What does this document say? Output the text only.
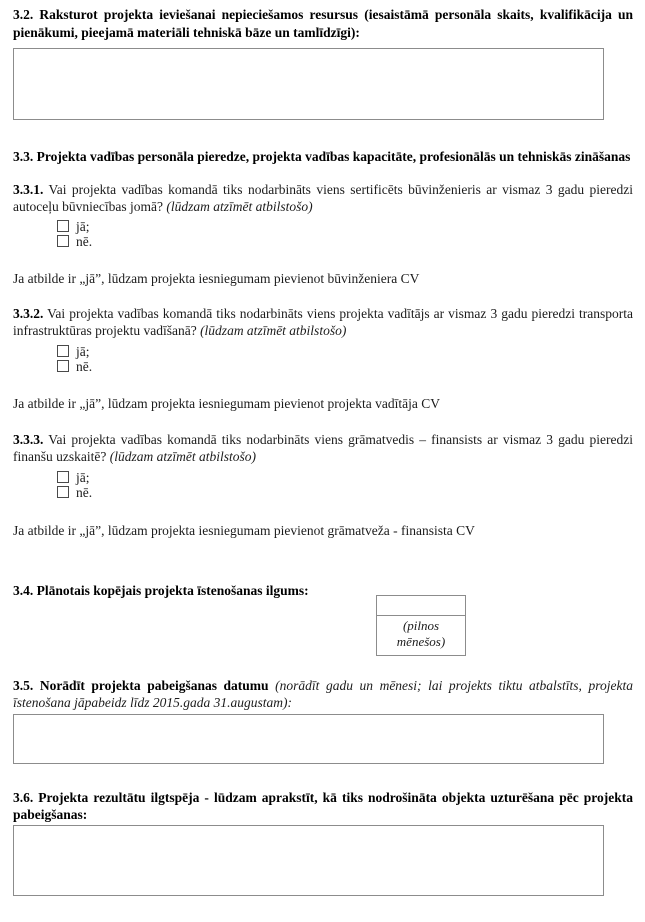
3.2. Raksturot projekta ieviešanai nepieciešamos resursus (iesaistāmā personāla skaits, kvalifikācija un pienākumi, pieejamā materiāli tehniskā bāze un tamlīdzīgi):

3.3. Projekta vadības personāla pieredze, projekta vadības kapacitāte, profesionālās un tehniskās zināšanas

3.3.1. Vai projekta vadības komandā tiks nodarbināts viens sertificēts būvinženieris ar vismaz 3 gadu pieredzi autoceļu būvniecības jomā? (lūdzam atzīmēt atbilstošo)

jā;
nē.

Ja atbilde ir „jā”, lūdzam projekta iesniegumam pievienot būvinženiera CV

3.3.2. Vai projekta vadības komandā tiks nodarbināts viens projekta vadītājs ar vismaz 3 gadu pieredzi transporta infrastruktūras projektu vadīšanā? (lūdzam atzīmēt atbilstošo)

jā;
nē.

Ja atbilde ir „jā”, lūdzam projekta iesniegumam pievienot projekta vadītāja CV

3.3.3. Vai projekta vadības komandā tiks nodarbināts viens grāmatvedis – finansists ar vismaz 3 gadu pieredzi finanšu uzskaitē? (lūdzam atzīmēt atbilstošo)

jā;
nē.

Ja atbilde ir „jā”, lūdzam projekta iesniegumam pievienot grāmatveža - finansista CV

3.4. Plānotais kopējais projekta īstenošanas ilgums:

(pilnos mēnešos)

3.5. Norādīt projekta pabeigšanas datumu (norādīt gadu un mēnesi; lai projekts tiktu atbalstīts, projekta īstenošana jāpabeidz līdz 2015.gada 31.augustam):

3.6. Projekta rezultātu ilgtspēja - lūdzam aprakstīt, kā tiks nodrošināta objekta uzturēšana pēc projekta pabeigšanas:
